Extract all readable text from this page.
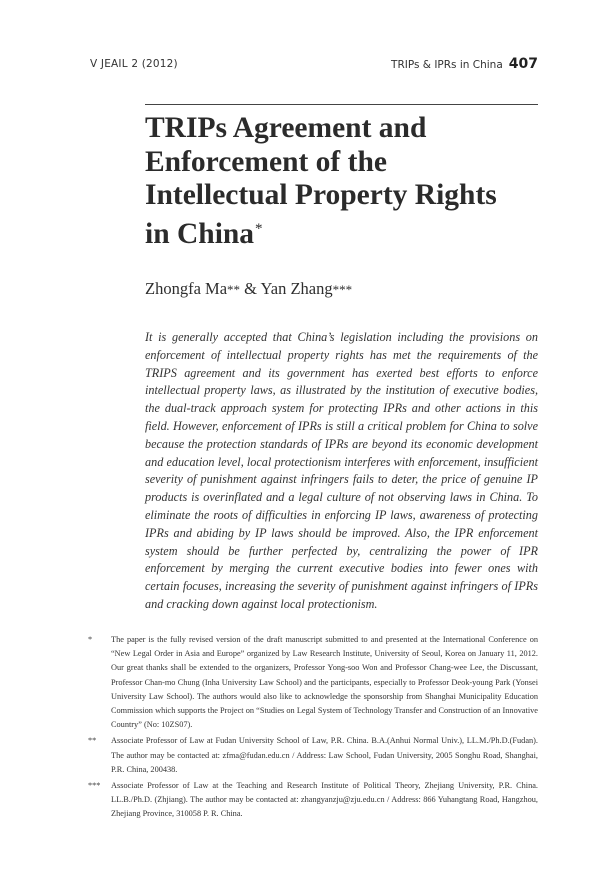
V JEAIL 2 (2012)	TRIPs & IPRs in China 407
TRIPs Agreement and
Enforcement of the
Intellectual Property Rights
in China*
Zhongfa Ma** & Yan Zhang***

It is generally accepted that China’s legislation including the provisions on enforcement of intellectual property rights has met the requirements of the TRIPS agreement and its government has exerted best efforts to enforce intellectual property laws, as illustrated by the institution of executive bodies, the dual-track approach system for protecting IPRs and other actions in this field. However, enforcement of IPRs is still a critical problem for China to solve because the protection standards of IPRs are beyond its economic development and education level, local protectionism interferes with enforcement, insufficient severity of punishment against infringers fails to deter, the price of genuine IP products is overinflated and a legal culture of not observing laws in China. To eliminate the roots of difficulties in enforcing IP laws, awareness of protecting IPRs and abiding by IP laws should be improved. Also, the IPR enforcement system should be further perfected by, centralizing the power of IPR enforcement by merging the current executive bodies into fewer ones with certain focuses, increasing the severity of punishment against infringers of IPRs and cracking down against local protectionism.

* The paper is the fully revised version of the draft manuscript submitted to and presented at the International Conference on “New Legal Order in Asia and Europe” organized by Law Research Institute, University of Seoul, Korea on January 11, 2012. Our great thanks shall be extended to the organizers, Professor Yong-soo Won and Professor Chang-wee Lee, the Discussant, Professor Chan-mo Chung (Inha University Law School) and the participants, especially to Professor Deok-young Park (Yonsei University Law School). The authors would also like to acknowledge the sponsorship from Shanghai Municipality Education Commission which supports the Project on “Studies on Legal System of Technology Transfer and Construction of an Innovative Country” (No: 10ZS07).
** Associate Professor of Law at Fudan University School of Law, P.R. China. B.A.(Anhui Normal Univ.), LL.M./Ph.D.(Fudan). The author may be contacted at: zfma@fudan.edu.cn / Address: Law School, Fudan University, 2005 Songhu Road, Shanghai, P.R. China, 200438.
*** Associate Professor of Law at the Teaching and Research Institute of Political Theory, Zhejiang University, P.R. China. LL.B./Ph.D. (Zhjiang). The author may be contacted at: zhangyanzju@zju.edu.cn / Address: 866 Yuhangtang Road, Hangzhou, Zhejiang Province, 310058 P. R. China.
